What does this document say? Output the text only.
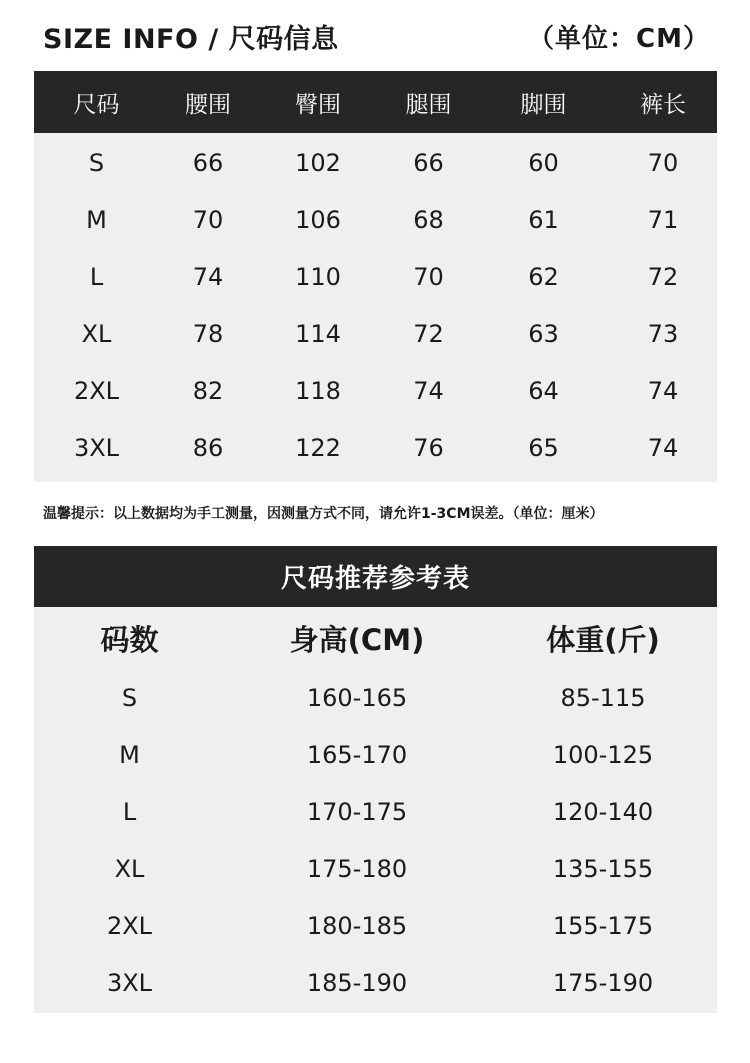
SIZE INFO / 尺码信息	（单位：CM）
尺码	腰围	臀围	腿围	脚围	裤长
S	66	102	66	60	70
M	70	106	68	61	71
L	74	110	70	62	72
XL	78	114	72	63	73
2XL	82	118	74	64	74
3XL	86	122	76	65	74
温馨提示：以上数据均为手工测量，因测量方式不同，请允许1-3CM误差。（单位：厘米）
尺码推荐参考表
码数	身高(CM)	体重(斤)
S	160-165	85-115
M	165-170	100-125
L	170-175	120-140
XL	175-180	135-155
2XL	180-185	155-175
3XL	185-190	175-190
